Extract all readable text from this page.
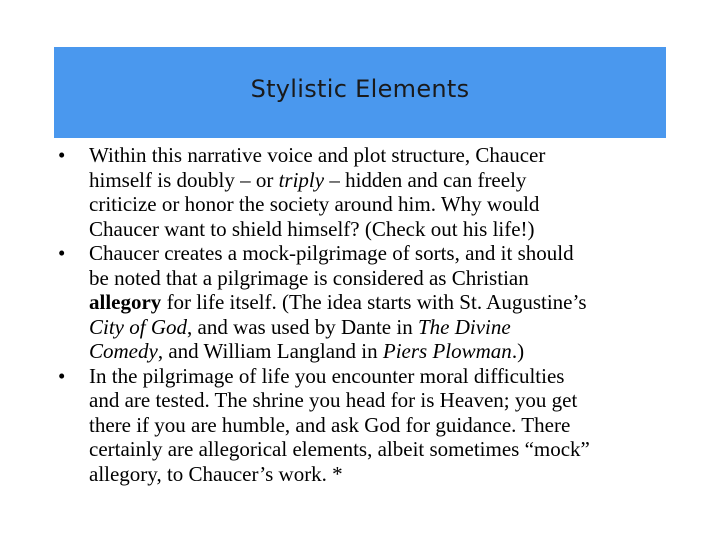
Stylistic Elements
• Within this narrative voice and plot structure, Chaucer
himself is doubly – or triply – hidden and can freely
criticize or honor the society around him. Why would
Chaucer want to shield himself? (Check out his life!)
• Chaucer creates a mock-pilgrimage of sorts, and it should
be noted that a pilgrimage is considered as Christian
allegory for life itself. (The idea starts with St. Augustine’s
City of God, and was used by Dante in The Divine
Comedy, and William Langland in Piers Plowman.)
• In the pilgrimage of life you encounter moral difficulties
and are tested. The shrine you head for is Heaven; you get
there if you are humble, and ask God for guidance. There
certainly are allegorical elements, albeit sometimes “mock”
allegory, to Chaucer’s work. *
